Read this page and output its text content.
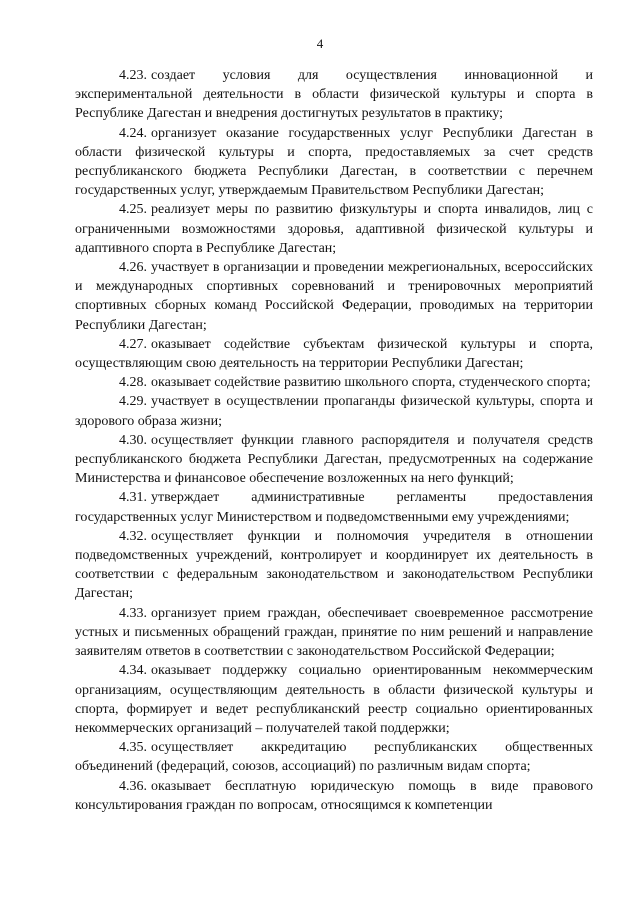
4

4.23. создает условия для осуществления инновационной и экспериментальной деятельности в области физической культуры и спорта в Республике Дагестан и внедрения достигнутых результатов в практику;

4.24. организует оказание государственных услуг Республики Дагестан в области физической культуры и спорта, предоставляемых за счет средств республиканского бюджета Республики Дагестан, в соответствии с перечнем государственных услуг, утверждаемым Правительством Республики Дагестан;

4.25. реализует меры по развитию физкультуры и спорта инвалидов, лиц с ограниченными возможностями здоровья, адаптивной физической культуры и адаптивного спорта в Республике Дагестан;

4.26. участвует в организации и проведении межрегиональных, всероссийских и международных спортивных соревнований и тренировочных мероприятий спортивных сборных команд Российской Федерации, проводимых на территории Республики Дагестан;

4.27. оказывает содействие субъектам физической культуры и спорта, осуществляющим свою деятельность на территории Республики Дагестан;

4.28. оказывает содействие развитию школьного спорта, студенческого спорта;

4.29. участвует в осуществлении пропаганды физической культуры, спорта и здорового образа жизни;

4.30. осуществляет функции главного распорядителя и получателя средств республиканского бюджета Республики Дагестан, предусмотренных на содержание Министерства и финансовое обеспечение возложенных на него функций;

4.31. утверждает административные регламенты предоставления государственных услуг Министерством и подведомственными ему учреждениями;

4.32. осуществляет функции и полномочия учредителя в отношении подведомственных учреждений, контролирует и координирует их деятельность в соответствии с федеральным законодательством и законодательством Республики Дагестан;

4.33. организует прием граждан, обеспечивает своевременное рассмотрение устных и письменных обращений граждан, принятие по ним решений и направление заявителям ответов в соответствии с законодательством Российской Федерации;

4.34. оказывает поддержку социально ориентированным некоммерческим организациям, осуществляющим деятельность в области физической культуры и спорта, формирует и ведет республиканский реестр социально ориентированных некоммерческих организаций – получателей такой поддержки;

4.35. осуществляет аккредитацию республиканских общественных объединений (федераций, союзов, ассоциаций) по различным видам спорта;

4.36. оказывает бесплатную юридическую помощь в виде правового консультирования граждан по вопросам, относящимся к компетенции
